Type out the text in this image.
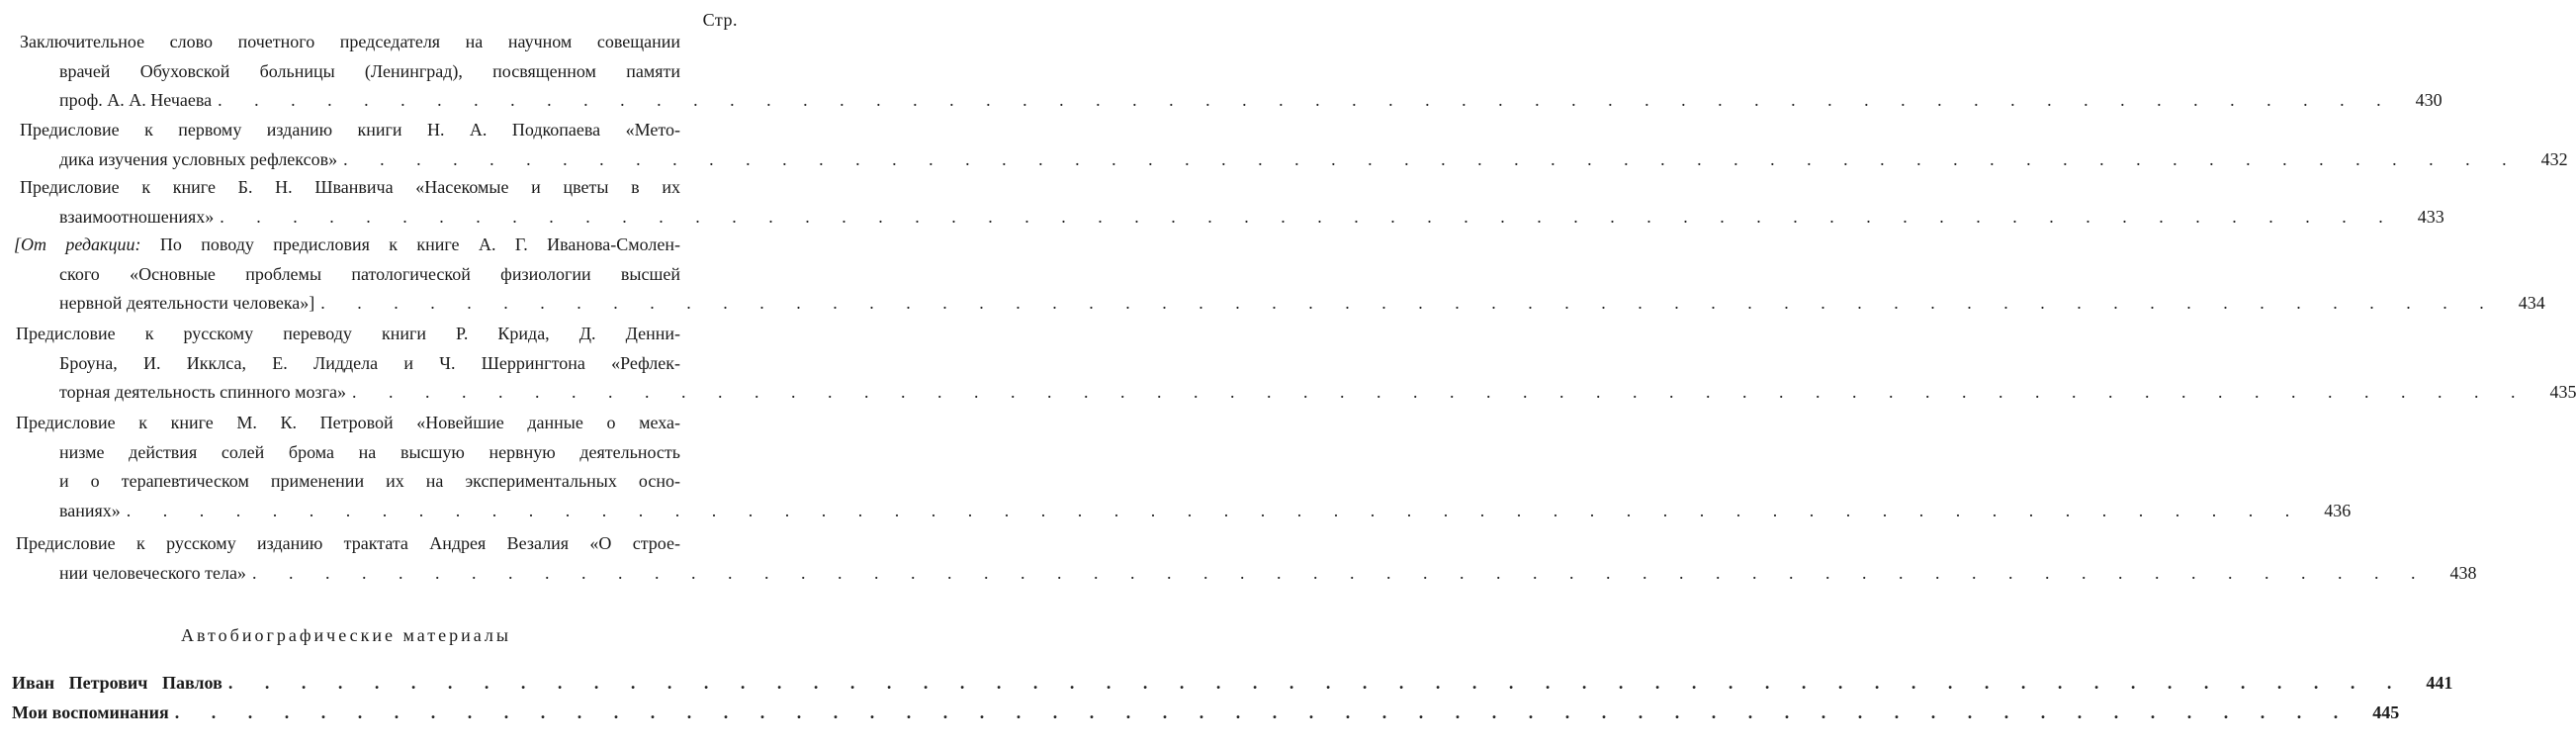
Стр.
Заключительное слово почетного председателя на научном совещании
врачей Обуховской больницы (Ленинград), посвященном памяти
проф. А. А. Нечаева . . .	430
Предисловие к первому изданию книги Н. А. Подкопаева «Мето-
дика изучения условных рефлексов» . . .	432
Предисловие к книге Б. Н. Шванвича «Насекомые и цветы в их
взаимоотношениях» . . .	433
[От редакции: По поводу предисловия к книге А. Г. Иванова-Смолен-
ского «Основные проблемы патологической физиологии высшей
нервной деятельности человека»] . . .	434
Предисловие к русскому переводу книги Р. Крида, Д. Денни-
Броуна, И. Икклса, Е. Лиддела и Ч. Шеррингтона «Рефлек-
торная деятельность спинного мозга» . . .	435
Предисловие к книге М. К. Петровой «Новейшие данные о меха-
низме действия солей брома на высшую нервную деятельность
и о терапевтическом применении их на экспериментальных осно-
ваниях» . . .	436
Предисловие к русскому изданию трактата Андрея Везалия «О строе-
нии человеческого тела» . . .	438
Автобиографические материалы
Иван Петрович Павлов . . .	441
Мои воспоминания . . .	445
